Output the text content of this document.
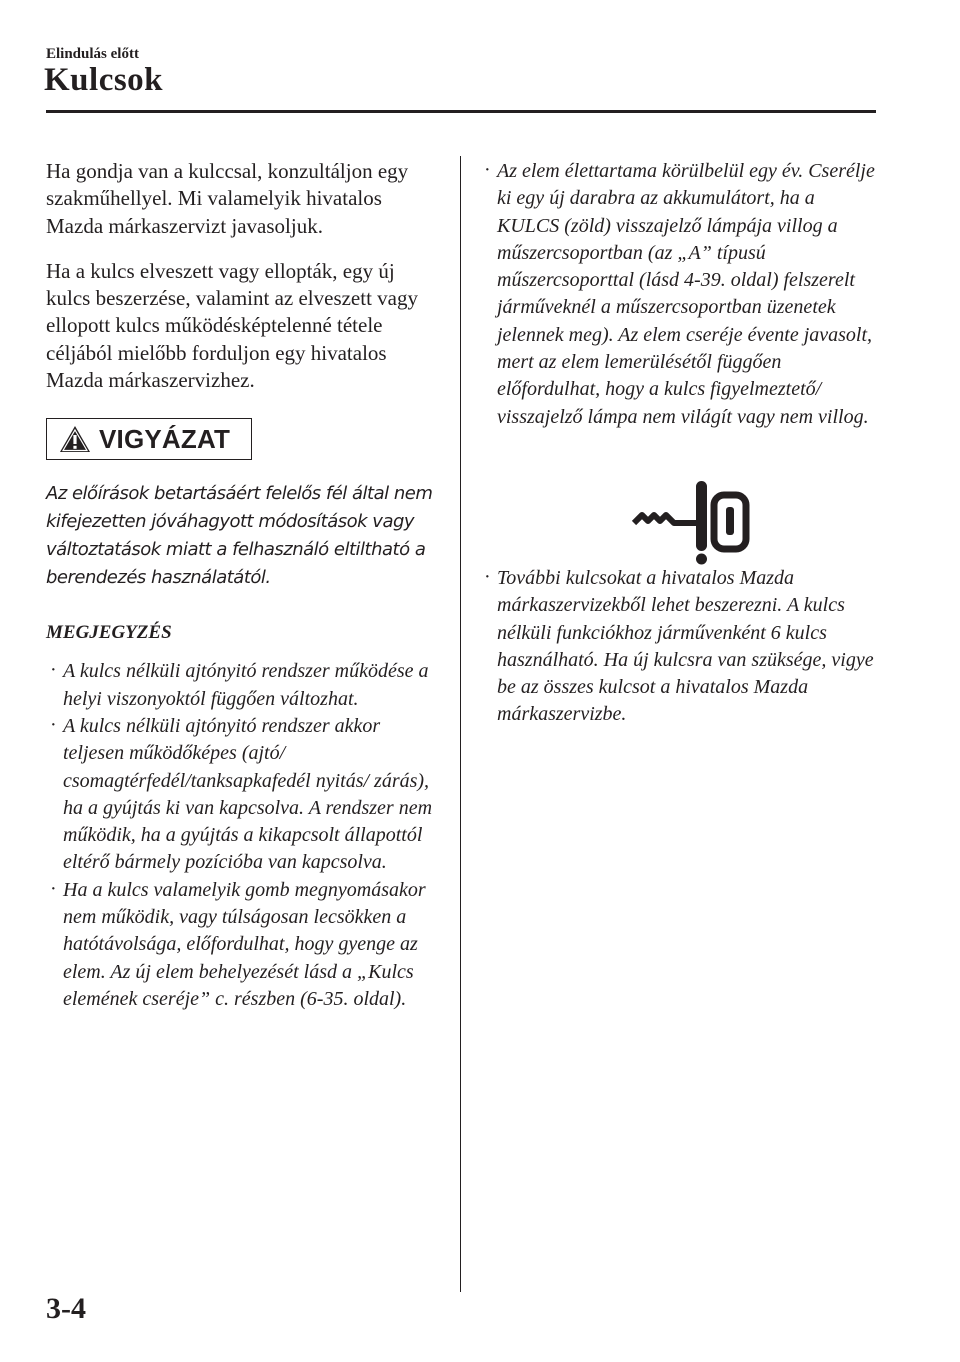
Elindulás előtt
Kulcsok

Ha gondja van a kulccsal, konzultáljon egy szakműhellyel. Mi valamelyik hivatalos Mazda márkaszervizt javasoljuk.

Ha a kulcs elveszett vagy ellopták, egy új kulcs beszerzése, valamint az elveszett vagy ellopott kulcs működésképtelenné tétele céljából mielőbb forduljon egy hivatalos Mazda márkaszervizhez.

VIGYÁZAT
Az előírások betartásáért felelős fél által nem kifejezetten jóváhagyott módosítások vagy változtatások miatt a felhasználó eltiltható a berendezés használatától.
MEGJEGYZÉS
· A kulcs nélküli ajtónyitó rendszer működése a helyi viszonyoktól függően változhat.
· A kulcs nélküli ajtónyitó rendszer akkor teljesen működőképes (ajtó/ csomagtérfedél/tanksapkafedél nyitás/ zárás), ha a gyújtás ki van kapcsolva. A rendszer nem működik, ha a gyújtás a kikapcsolt állapottól eltérő bármely pozícióba van kapcsolva.
· Ha a kulcs valamelyik gomb megnyomásakor nem működik, vagy túlságosan lecsökken a hatótávolsága, előfordulhat, hogy gyenge az elem. Az új elem behelyezését lásd a „Kulcs elemének cseréje” c. részben (6-35. oldal).
· Az elem élettartama körülbelül egy év. Cserélje ki egy új darabra az akkumulátort, ha a KULCS (zöld) visszajelző lámpája villog a műszercsoportban (az „A” típusú műszercsoporttal (lásd 4-39. oldal) felszerelt járműveknél a műszercsoportban üzenetek jelennek meg). Az elem cseréje évente javasolt, mert az elem lemerülésétől függően előfordulhat, hogy a kulcs figyelmeztető/ visszajelző lámpa nem világít vagy nem villog.
· További kulcsokat a hivatalos Mazda márkaszervizekből lehet beszerezni. A kulcs nélküli funkciókhoz járművenként 6 kulcs használható. Ha új kulcsra van szüksége, vigye be az összes kulcsot a hivatalos Mazda márkaszervizbe.
3-4
